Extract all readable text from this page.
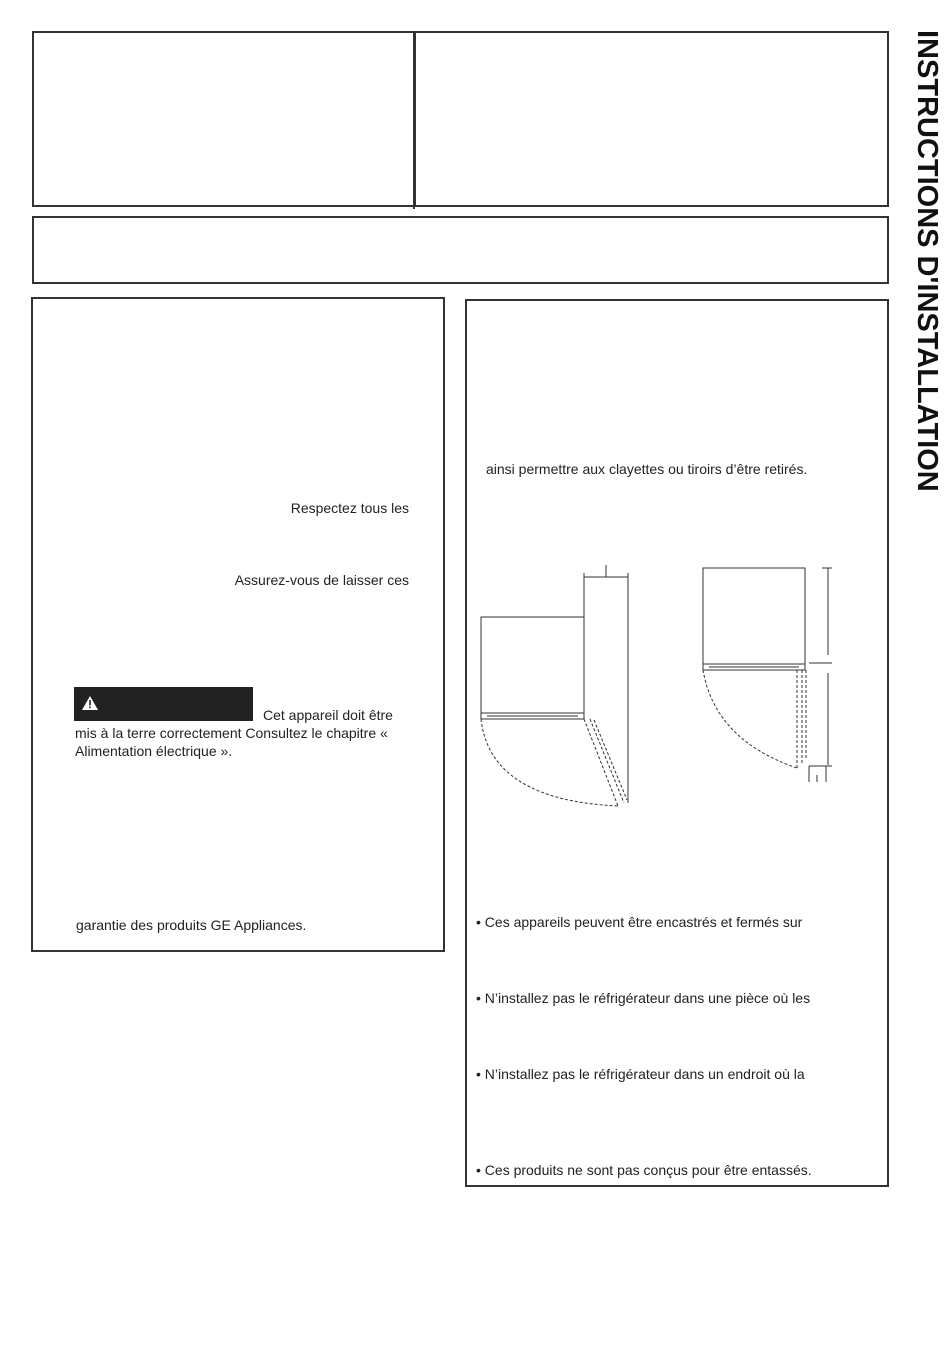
INSTRUCTIONS D'INSTALLATION
Respectez tous les
Assurez-vous de laisser ces
Cet appareil doit être
mis à la terre correctement Consultez le chapitre «
Alimentation électrique ».
garantie des produits GE Appliances.
ainsi permettre aux clayettes ou tiroirs d’être retirés.
• Ces appareils peuvent être encastrés et fermés sur
• N’installez pas le réfrigérateur dans une pièce où les
• N’installez pas le réfrigérateur dans un endroit où la
• Ces produits ne sont pas conçus pour être entassés.
